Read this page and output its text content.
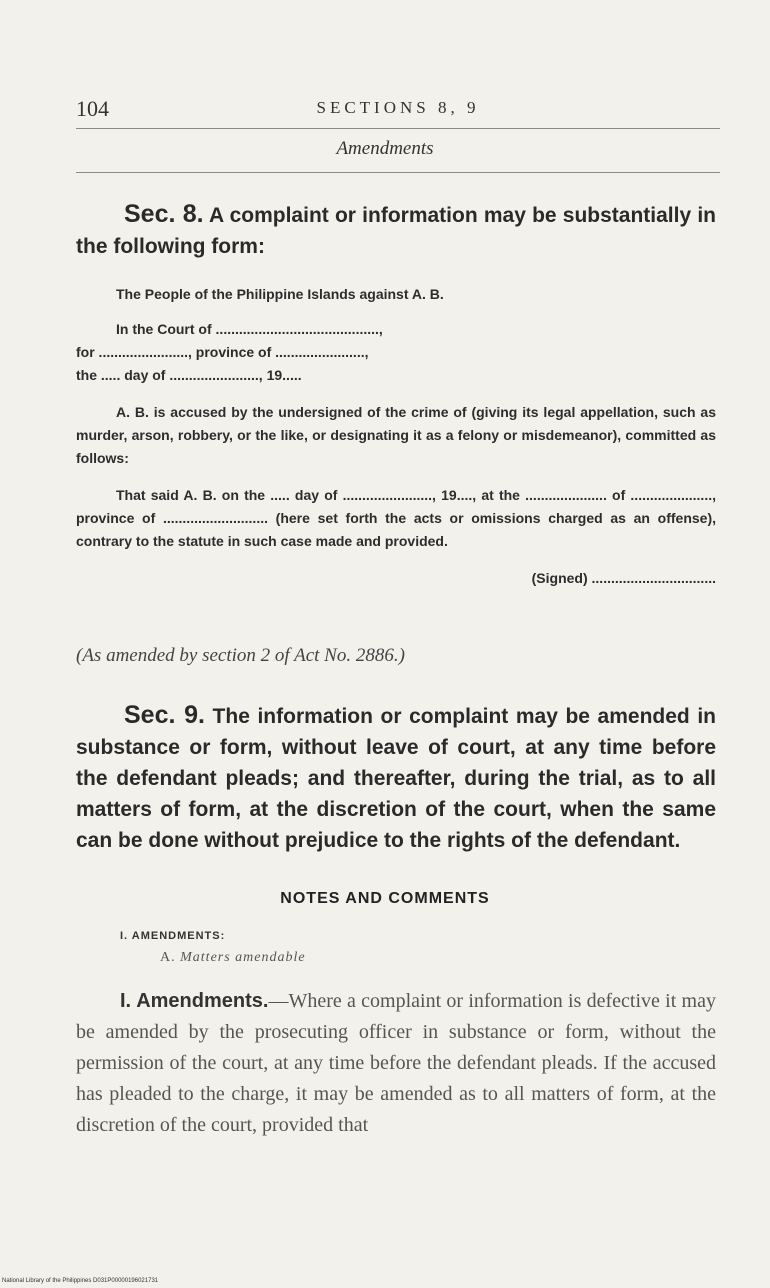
104	SECTIONS 8, 9
Amendments

Sec. 8. A complaint or information may be substantially in the following form:

The People of the Philippine Islands against A. B.

In the Court of ..........................................,

for ......................., province of .......................,

the ..... day of ......................., 19.....

A. B. is accused by the undersigned of the crime of (giving its legal appellation, such as murder, arson, robbery, or the like, or designating it as a felony or misdemeanor), committed as follows:

That said A. B. on the ..... day of ......................., 19...., at the ..................... of ....................., province of ........................... (here set forth the acts or omissions charged as an offense), contrary to the statute in such case made and provided.

(Signed) ................................

(As amended by section 2 of Act No. 2886.)

Sec. 9. The information or complaint may be amended in substance or form, without leave of court, at any time before the defendant pleads; and thereafter, during the trial, as to all matters of form, at the discretion of the court, when the same can be done without prejudice to the rights of the defendant.

NOTES AND COMMENTS
I. AMENDMENTS:
A. Matters amendable

I. Amendments.—Where a complaint or information is defective it may be amended by the prosecuting officer in substance or form, without the permission of the court, at any time before the defendant pleads. If the accused has pleaded to the charge, it may be amended as to all matters of form, at the discretion of the court, provided that

National Library of the Philippines D031P00000196021731
